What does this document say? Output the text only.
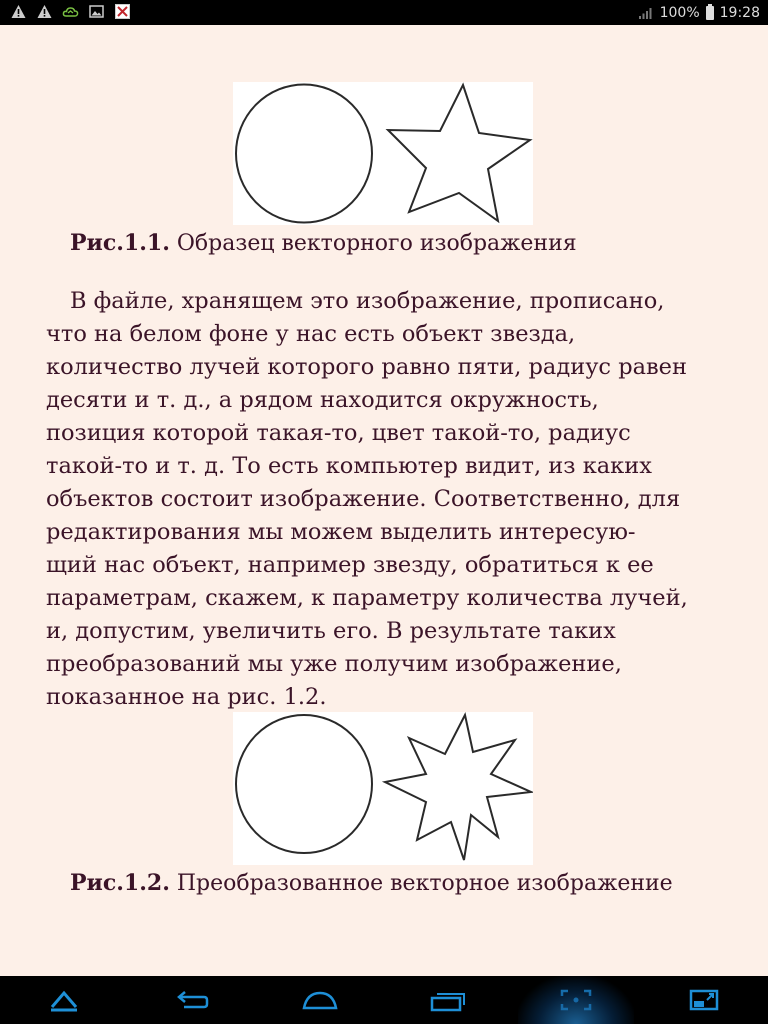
100% 19:28
Рис.1.1. Образец векторного изображения
В файле, хранящем это изображение, прописано,
что на белом фоне у нас есть объект звезда,
количество лучей которого равно пяти, радиус равен
десяти и т. д., а рядом находится окружность,
позиция которой такая-то, цвет такой-то, радиус
такой-то и т. д. То есть компьютер видит, из каких
объектов состоит изображение. Соответственно, для
редактирования мы можем выделить интересую-
щий нас объект, например звезду, обратиться к ее
параметрам, скажем, к параметру количества лучей,
и, допустим, увеличить его. В результате таких
преобразований мы уже получим изображение,
показанное на рис. 1.2.
Рис.1.2. Преобразованное векторное изображение
